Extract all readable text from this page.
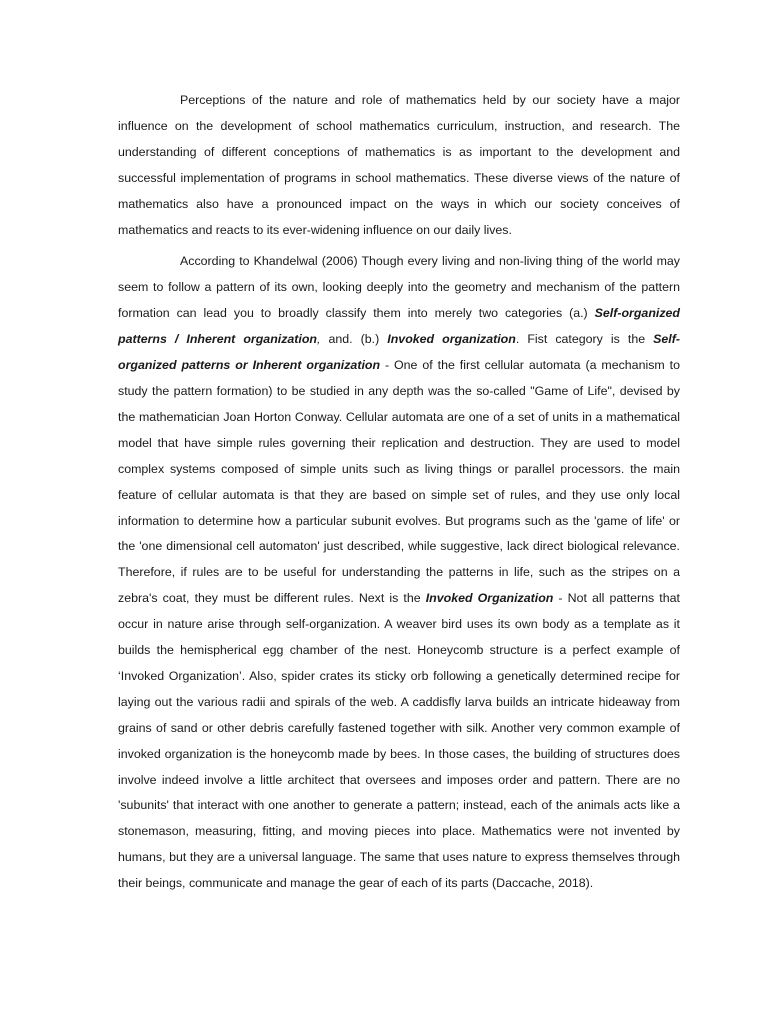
Perceptions of the nature and role of mathematics held by our society have a major influence on the development of school mathematics curriculum, instruction, and research. The understanding of different conceptions of mathematics is as important to the development and successful implementation of programs in school mathematics. These diverse views of the nature of mathematics also have a pronounced impact on the ways in which our society conceives of mathematics and reacts to its ever-widening influence on our daily lives.

According to Khandelwal (2006) Though every living and non-living thing of the world may seem to follow a pattern of its own, looking deeply into the geometry and mechanism of the pattern formation can lead you to broadly classify them into merely two categories (a.) Self-organized patterns / Inherent organization, and. (b.) Invoked organization. Fist category is the Self-organized patterns or Inherent organization - One of the first cellular automata (a mechanism to study the pattern formation) to be studied in any depth was the so-called "Game of Life", devised by the mathematician Joan Horton Conway. Cellular automata are one of a set of units in a mathematical model that have simple rules governing their replication and destruction. They are used to model complex systems composed of simple units such as living things or parallel processors. the main feature of cellular automata is that they are based on simple set of rules, and they use only local information to determine how a particular subunit evolves. But programs such as the 'game of life' or the 'one dimensional cell automaton' just described, while suggestive, lack direct biological relevance. Therefore, if rules are to be useful for understanding the patterns in life, such as the stripes on a zebra's coat, they must be different rules. Next is the Invoked Organization - Not all patterns that occur in nature arise through self-organization. A weaver bird uses its own body as a template as it builds the hemispherical egg chamber of the nest. Honeycomb structure is a perfect example of ‘Invoked Organization’. Also, spider crates its sticky orb following a genetically determined recipe for laying out the various radii and spirals of the web. A caddisfly larva builds an intricate hideaway from grains of sand or other debris carefully fastened together with silk. Another very common example of invoked organization is the honeycomb made by bees. In those cases, the building of structures does involve indeed involve a little architect that oversees and imposes order and pattern. There are no 'subunits' that interact with one another to generate a pattern; instead, each of the animals acts like a stonemason, measuring, fitting, and moving pieces into place. Mathematics were not invented by humans, but they are a universal language. The same that uses nature to express themselves through their beings, communicate and manage the gear of each of its parts (Daccache, 2018).
